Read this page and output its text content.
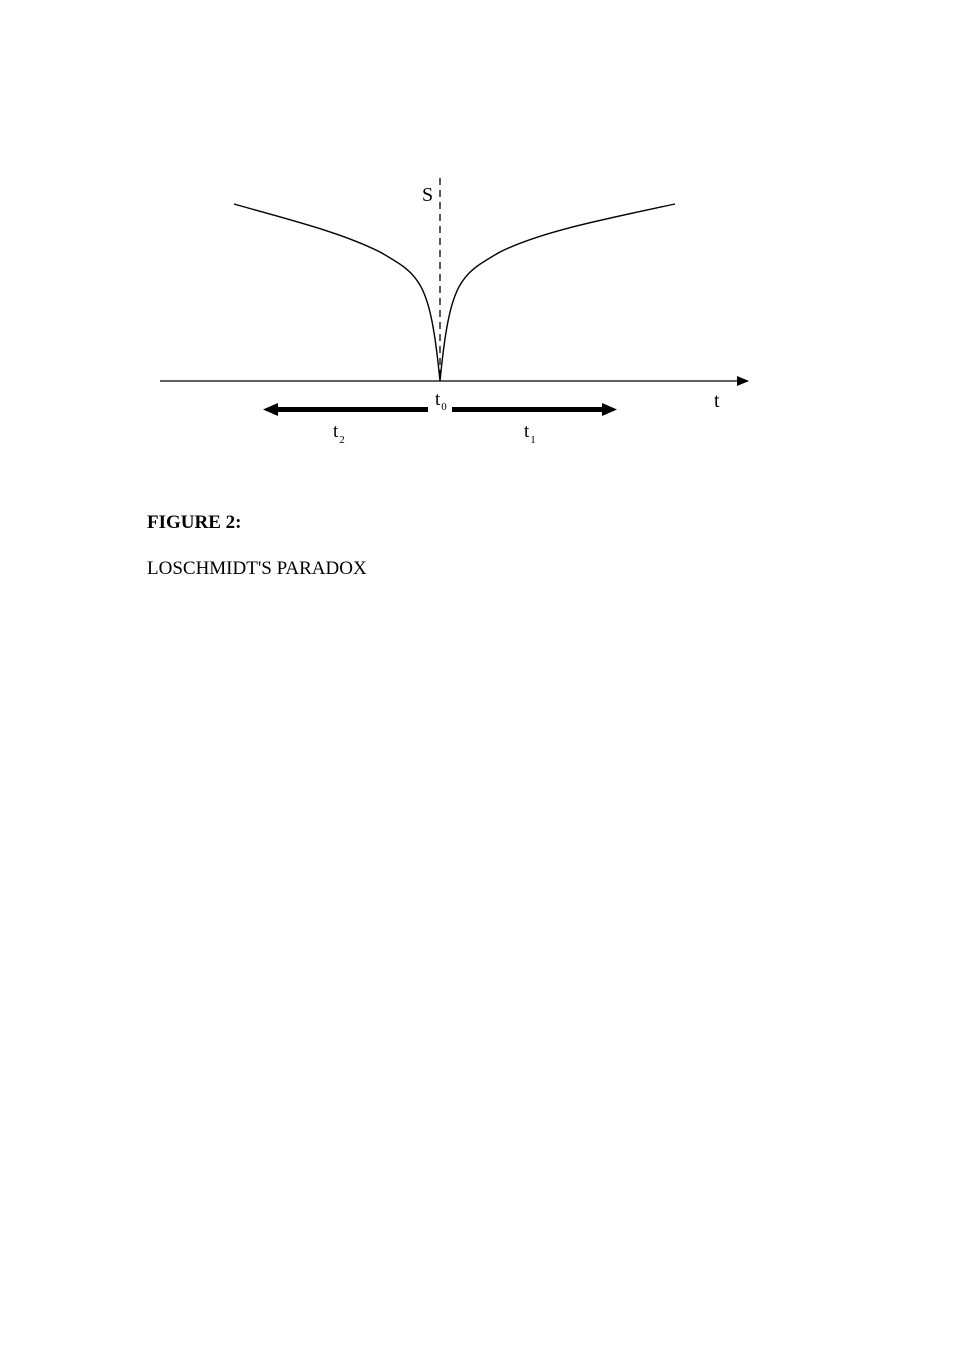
S
t
$t_0$
$t_2$	$t_1$

FIGURE 2:

LOSCHMIDT'S PARADOX
